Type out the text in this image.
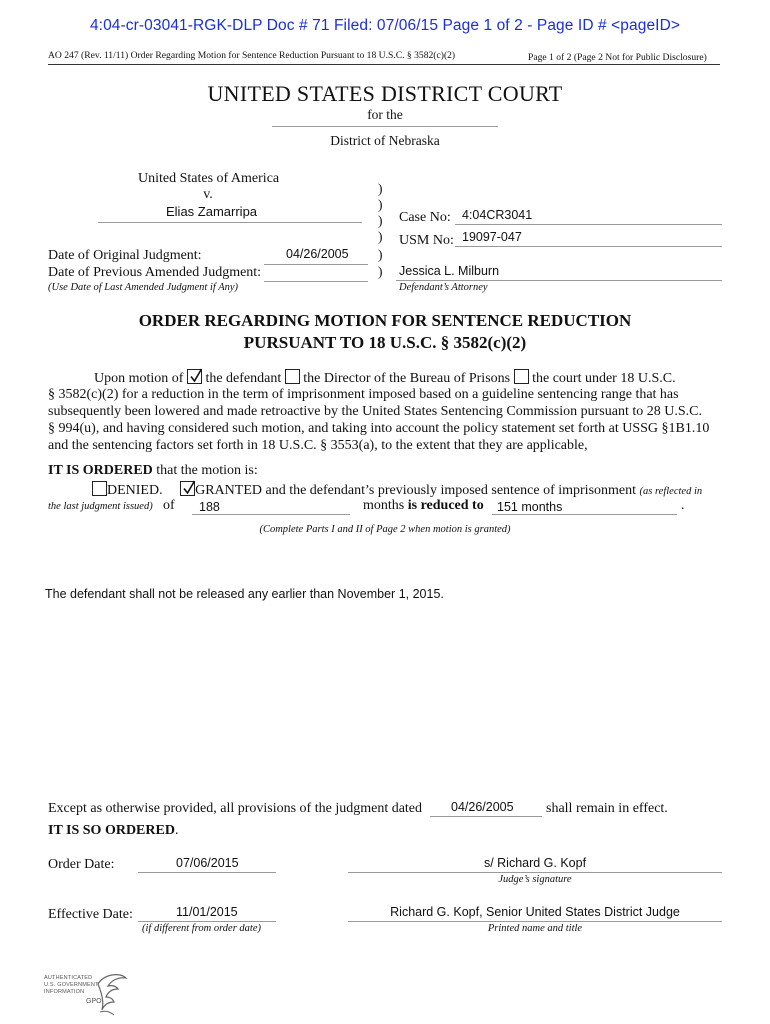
4:04-cr-03041-RGK-DLP Doc # 71 Filed: 07/06/15 Page 1 of 2 - Page ID # <pageID>
AO 247 (Rev. 11/11) Order Regarding Motion for Sentence Reduction Pursuant to 18 U.S.C. § 3582(c)(2)	Page 1 of 2 (Page 2 Not for Public Disclosure)
UNITED STATES DISTRICT COURT
for the
District of Nebraska
United States of America
v.
Elias Zamarripa
Date of Original Judgment:	04/26/2005
Date of Previous Amended Judgment:
(Use Date of Last Amended Judgment if Any)
)
)
)
)
)
)
Case No: 4:04CR3041
USM No: 19097-047
Jessica L. Milburn
Defendant’s Attorney
ORDER REGARDING MOTION FOR SENTENCE REDUCTION
PURSUANT TO 18 U.S.C. § 3582(c)(2)
Upon motion of the defendant the Director of the Bureau of Prisons the court under 18 U.S.C.
§ 3582(c)(2) for a reduction in the term of imprisonment imposed based on a guideline sentencing range that has
subsequently been lowered and made retroactive by the United States Sentencing Commission pursuant to 28 U.S.C.
§ 994(u), and having considered such motion, and taking into account the policy statement set forth at USSG §1B1.10
and the sentencing factors set forth in 18 U.S.C. § 3553(a), to the extent that they are applicable,
IT IS ORDERED that the motion is:
DENIED. GRANTED and the defendant’s previously imposed sentence of imprisonment (as reflected in
the last judgment issued) of 188	months is reduced to 151 months	.
(Complete Parts I and II of Page 2 when motion is granted)
The defendant shall not be released any earlier than November 1, 2015.
Except as otherwise provided, all provisions of the judgment dated 04/26/2005 shall remain in effect.
IT IS SO ORDERED.
Order Date:	07/06/2015	s/ Richard G. Kopf
Judge’s signature
Effective Date:	11/01/2015
(if different from order date)
Richard G. Kopf, Senior United States District Judge
Printed name and title
AUTHENTICATED
U.S. GOVERNMENT
INFORMATION
GPO
